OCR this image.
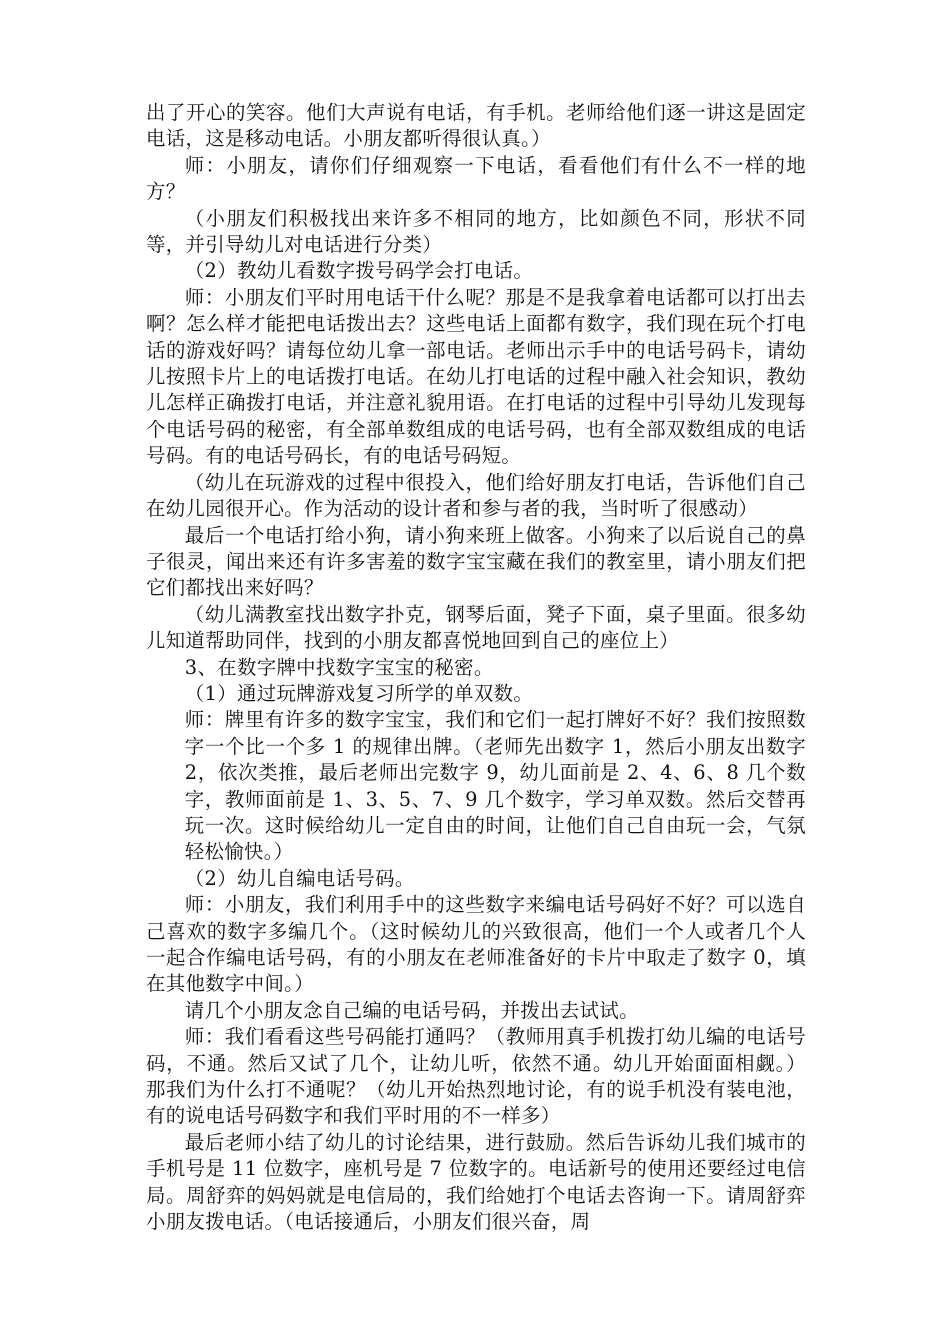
出了开心的笑容。他们大声说有电话，有手机。老师给他们逐一讲这是固定电话，这是移动电话。小朋友都听得很认真。）

师：小朋友，请你们仔细观察一下电话，看看他们有什么不一样的地方？

（小朋友们积极找出来许多不相同的地方，比如颜色不同，形状不同等，并引导幼儿对电话进行分类）

（2）教幼儿看数字拨号码学会打电话。

师：小朋友们平时用电话干什么呢？那是不是我拿着电话都可以打出去啊？怎么样才能把电话拨出去？这些电话上面都有数字，我们现在玩个打电话的游戏好吗？请每位幼儿拿一部电话。老师出示手中的电话号码卡，请幼儿按照卡片上的电话拨打电话。在幼儿打电话的过程中融入社会知识，教幼儿怎样正确拨打电话，并注意礼貌用语。在打电话的过程中引导幼儿发现每个电话号码的秘密，有全部单数组成的电话号码，也有全部双数组成的电话号码。有的电话号码长，有的电话号码短。

（幼儿在玩游戏的过程中很投入，他们给好朋友打电话，告诉他们自己在幼儿园很开心。作为活动的设计者和参与者的我，当时听了很感动）

最后一个电话打给小狗，请小狗来班上做客。小狗来了以后说自己的鼻子很灵，闻出来还有许多害羞的数字宝宝藏在我们的教室里，请小朋友们把它们都找出来好吗？

（幼儿满教室找出数字扑克，钢琴后面，凳子下面，桌子里面。很多幼儿知道帮助同伴，找到的小朋友都喜悦地回到自己的座位上）

3、在数字牌中找数字宝宝的秘密。

（1）通过玩牌游戏复习所学的单双数。

师：牌里有许多的数字宝宝，我们和它们一起打牌好不好？我们按照数字一个比一个多 1 的规律出牌。（老师先出数字 1，然后小朋友出数字 2，依次类推，最后老师出完数字 9，幼儿面前是 2、4、6、8 几个数字，教师面前是 1、3、5、7、9 几个数字，学习单双数。然后交替再玩一次。这时候给幼儿一定自由的时间，让他们自己自由玩一会，气氛轻松愉快。）

（2）幼儿自编电话号码。

师：小朋友，我们利用手中的这些数字来编电话号码好不好？可以选自己喜欢的数字多编几个。（这时候幼儿的兴致很高，他们一个人或者几个人一起合作编电话号码，有的小朋友在老师准备好的卡片中取走了数字 0，填在其他数字中间。）

请几个小朋友念自己编的电话号码，并拨出去试试。

师：我们看看这些号码能打通吗？（教师用真手机拨打幼儿编的电话号码，不通。然后又试了几个，让幼儿听，依然不通。幼儿开始面面相觑。）那我们为什么打不通呢？（幼儿开始热烈地讨论，有的说手机没有装电池，有的说电话号码数字和我们平时用的不一样多）

最后老师小结了幼儿的讨论结果，进行鼓励。然后告诉幼儿我们城市的手机号是 11 位数字，座机号是 7 位数字的。电话新号的使用还要经过电信局。周舒弈的妈妈就是电信局的，我们给她打个电话去咨询一下。请周舒弈小朋友拨电话。（电话接通后，小朋友们很兴奋，周
